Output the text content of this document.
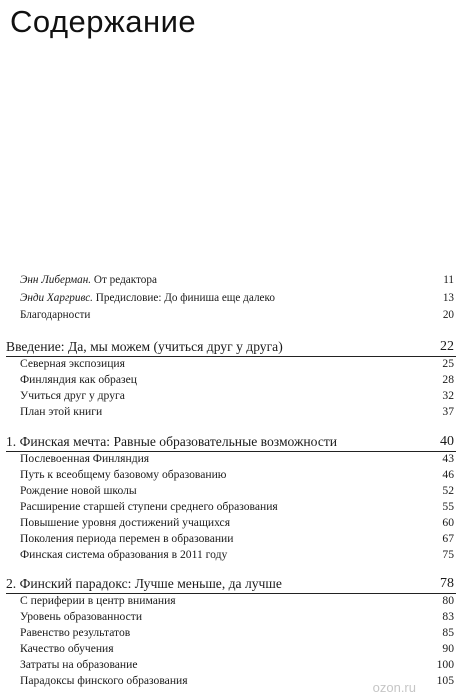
Содержание
Энн Либерман. От редактора	11
Энди Харгривс. Предисловие: До финиша еще далеко	13
Благодарности	20
Введение: Да, мы можем (учиться друг у друга)	22
Северная экспозиция	25
Финляндия как образец	28
Учиться друг у друга	32
План этой книги	37
1. Финская мечта: Равные образовательные возможности	40
Послевоенная Финляндия	43
Путь к всеобщему базовому образованию	46
Рождение новой школы	52
Расширение старшей ступени среднего образования	55
Повышение уровня достижений учащихся	60
Поколения периода перемен в образовании	67
Финская система образования в 2011 году	75
2. Финский парадокс: Лучше меньше, да лучше	78
С периферии в центр внимания	80
Уровень образованности	83
Равенство результатов	85
Качество обучения	90
Затраты на образование	100
Парадоксы финского образования	105
ozon.ru
